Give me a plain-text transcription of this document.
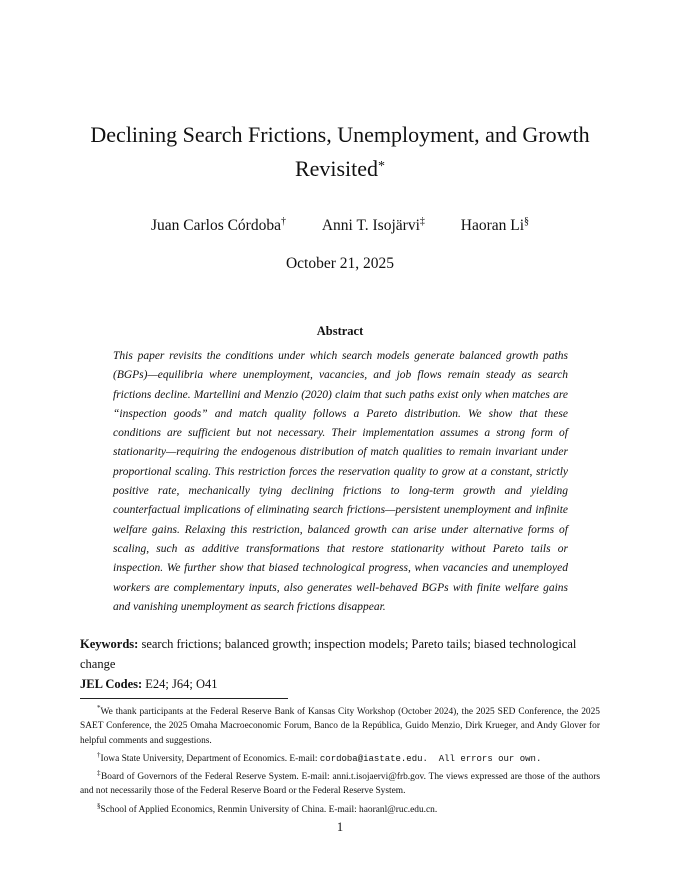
Declining Search Frictions, Unemployment, and Growth Revisited*
Juan Carlos Córdoba† Anni T. Isojärvi‡ Haoran Li§
October 21, 2025
Abstract
This paper revisits the conditions under which search models generate balanced growth paths (BGPs)—equilibria where unemployment, vacancies, and job flows remain steady as search frictions decline. Martellini and Menzio (2020) claim that such paths exist only when matches are “inspection goods” and match quality follows a Pareto distribution. We show that these conditions are sufficient but not necessary. Their implementation assumes a strong form of stationarity—requiring the endogenous distribution of match qualities to remain invariant under proportional scaling. This restriction forces the reservation quality to grow at a constant, strictly positive rate, mechanically tying declining frictions to long-term growth and yielding counterfactual implications of eliminating search frictions—persistent unemployment and infinite welfare gains. Relaxing this restriction, balanced growth can arise under alternative forms of scaling, such as additive transformations that restore stationarity without Pareto tails or inspection. We further show that biased technological progress, when vacancies and unemployed workers are complementary inputs, also generates well-behaved BGPs with finite welfare gains and vanishing unemployment as search frictions disappear.
Keywords: search frictions; balanced growth; inspection models; Pareto tails; biased technological change
JEL Codes: E24; J64; O41

*We thank participants at the Federal Reserve Bank of Kansas City Workshop (October 2024), the 2025 SED Conference, the 2025 SAET Conference, the 2025 Omaha Macroeconomic Forum, Banco de la República, Guido Menzio, Dirk Krueger, and Andy Glover for helpful comments and suggestions.

†Iowa State University, Department of Economics. E-mail: cordoba@iastate.edu.  All errors our own.

‡Board of Governors of the Federal Reserve System. E-mail: anni.t.isojaervi@frb.gov. The views expressed are those of the authors and not necessarily those of the Federal Reserve Board or the Federal Reserve System.

§School of Applied Economics, Renmin University of China. E-mail: haoranl@ruc.edu.cn.

1
